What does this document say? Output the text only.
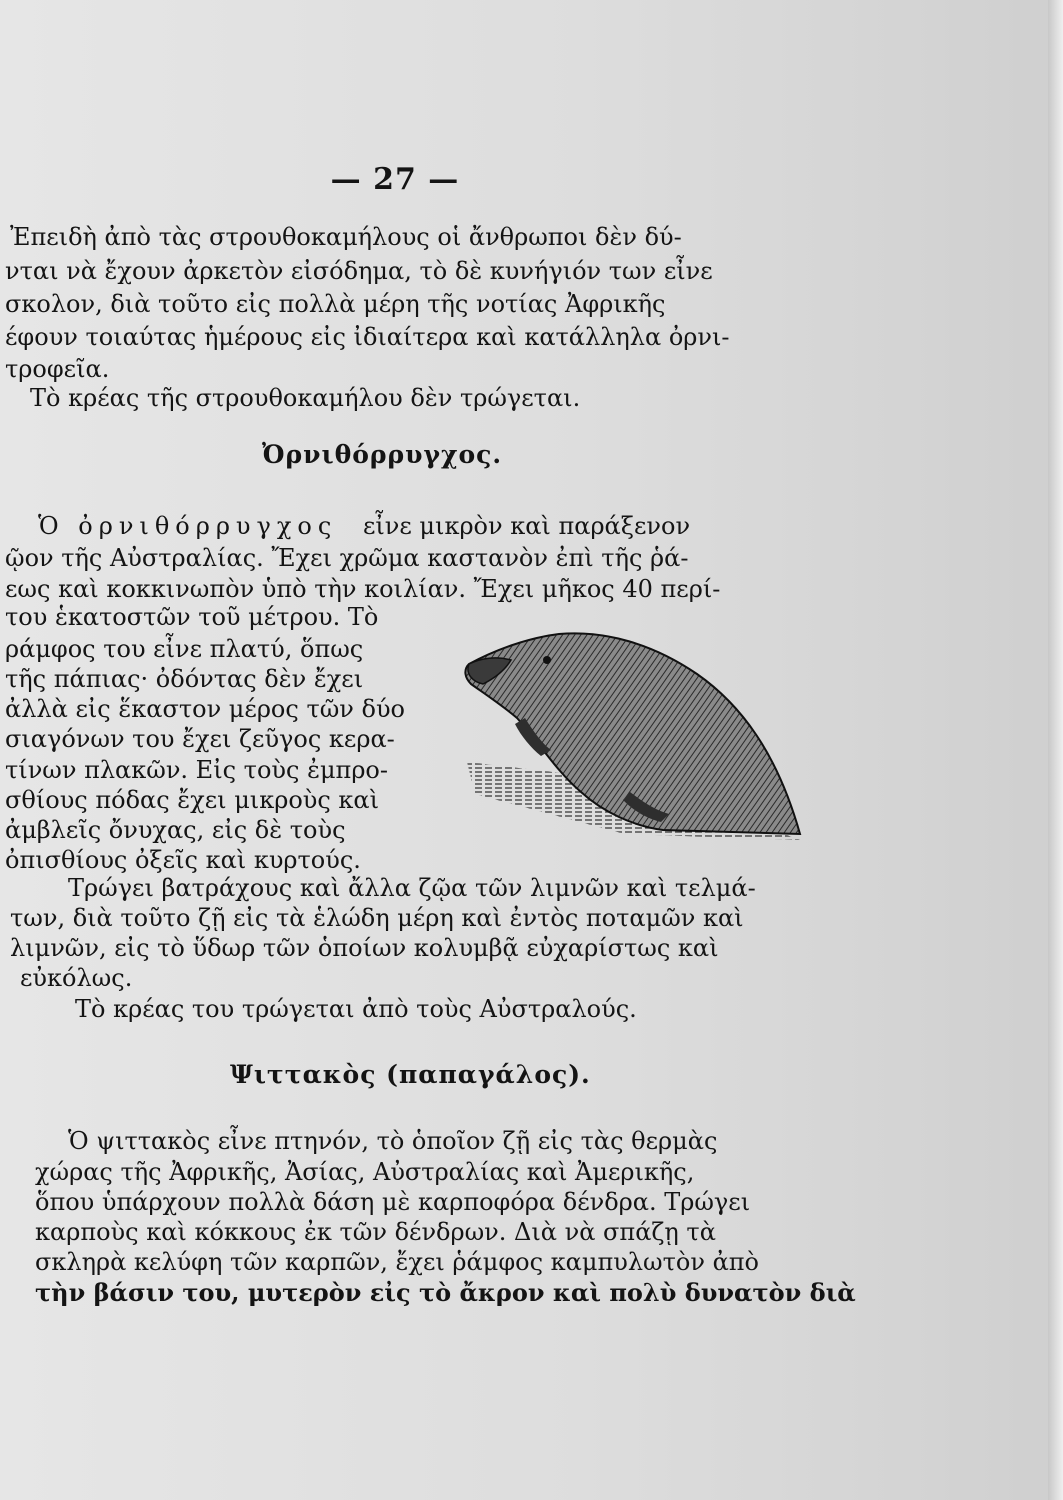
— 27 —
Ἐπειδὴ ἀπὸ τὰς στρουθοκαμήλους οἱ ἄνθρωποι δὲν δύ-
νται νὰ ἔχουν ἀρκετὸν εἰσόδημα, τὸ δὲ κυνήγιόν των εἶνε
σκολον, διὰ τοῦτο εἰς πολλὰ μέρη τῆς νοτίας Ἀφρικῆς
έφουν τοιαύτας ἡμέρους εἰς ἰδιαίτερα καὶ κατάλληλα ὀρνι-
τροφεῖα.
Τὸ κρέας τῆς στρουθοκαμήλου δὲν τρώγεται.
Ὀρνιθόρρυγχος.
Ὁ ὀρνιθόρρυγχος εἶνε μικρὸν καὶ παράξενον
ῷον τῆς Αὐστραλίας. Ἔχει χρῶμα καστανὸν ἐπὶ τῆς ῥά-
εως καὶ κοκκινωπὸν ὑπὸ τὴν κοιλίαν. Ἔχει μῆκος 40 περί-
του ἑκατοστῶν τοῦ μέτρου. Τὸ
ράμφος του εἶνε πλατύ, ὅπως
τῆς πάπιας· ὀδόντας δὲν ἔχει
ἀλλὰ εἰς ἕκαστον μέρος τῶν δύο
σιαγόνων του ἔχει ζεῦγος κερα-
τίνων πλακῶν. Εἰς τοὺς ἐμπρο-
σθίους πόδας ἔχει μικροὺς καὶ
ἀμβλεῖς ὄνυχας, εἰς δὲ τοὺς
ὀπισθίους ὀξεῖς καὶ κυρτούς.
Τρώγει βατράχους καὶ ἄλλα ζῷα τῶν λιμνῶν καὶ τελμά-
των, διὰ τοῦτο ζῇ εἰς τὰ ἑλώδη μέρη καὶ ἐντὸς ποταμῶν καὶ
λιμνῶν, εἰς τὸ ὕδωρ τῶν ὁποίων κολυμβᾷ εὐχαρίστως καὶ
εὐκόλως.
Τὸ κρέας του τρώγεται ἀπὸ τοὺς Αὐστραλούς.
Ψιττακὸς (παπαγάλος).
Ὁ ψιττακὸς εἶνε πτηνόν, τὸ ὁποῖον ζῇ εἰς τὰς θερμὰς
χώρας τῆς Ἀφρικῆς, Ἀσίας, Αὐστραλίας καὶ Ἀμερικῆς,
ὅπου ὑπάρχουν πολλὰ δάση μὲ καρποφόρα δένδρα. Τρώγει
καρποὺς καὶ κόκκους ἐκ τῶν δένδρων. Διὰ νὰ σπάζῃ τὰ
σκληρὰ κελύφη τῶν καρπῶν, ἔχει ῥάμφος καμπυλωτὸν ἀπὸ
τὴν βάσιν του, μυτερὸν εἰς τὸ ἄκρον καὶ πολὺ δυνατὸν διὰ
